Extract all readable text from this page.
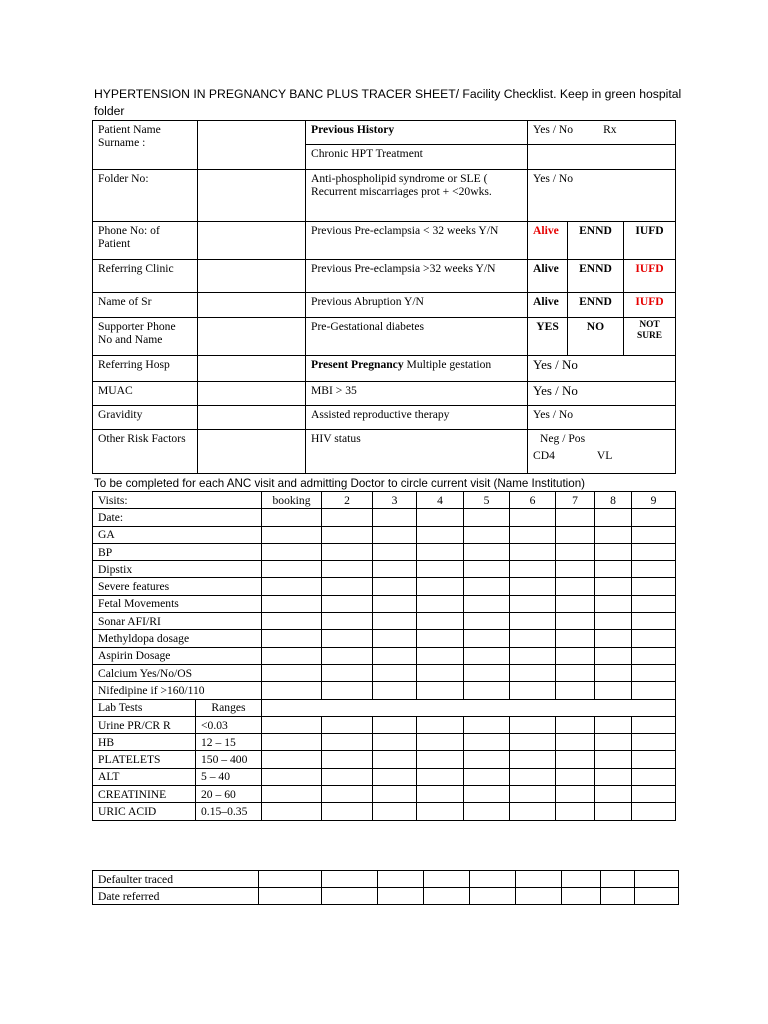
HYPERTENSION IN PREGNANCY BANC PLUS TRACER SHEET/ Facility Checklist. Keep in green hospital folder
Patient Name Surname :		Previous History	Yes / No Rx		
		Chronic HPT Treatment			
Folder No:		Anti-phospholipid syndrome or SLE ( Recurrent miscarriages prot + <20wks.	Yes / No		
Phone No: of Patient		Previous Pre-eclampsia < 32 weeks Y/N	Alive	ENND	IUFD
Referring Clinic		Previous Pre-eclampsia >32 weeks Y/N	Alive	ENND	IUFD
Name of Sr		Previous Abruption Y/N	Alive	ENND	IUFD
Supporter Phone No and Name		Pre-Gestational diabetes	YES	NO	NOT SURE
Referring Hosp		Present Pregnancy Multiple gestation	Yes / No		
MUAC		MBI > 35	Yes / No		
Gravidity		Assisted reproductive therapy	Yes / No		
Other Risk Factors		HIV status	Neg / Pos
CD4 VL		
To be completed for each ANC visit and admitting Doctor to circle current visit (Name Institution)
Visits:		booking	2	3	4	5	6	7	8	9
Date:										
GA										
BP										
Dipstix										
Severe features										
Fetal Movements										
Sonar AFI/RI										
Methyldopa dosage										
Aspirin Dosage										
Calcium Yes/No/OS										
Nifedipine if >160/110										
Lab Tests	Ranges									
Urine PR/CR R	<0.03									
HB	12 – 15									
PLATELETS	150 – 400									
ALT	5 – 40									
CREATININE	20 – 60									
URIC ACID	0.15–0.35									
Defaulter traced									
Date referred									
